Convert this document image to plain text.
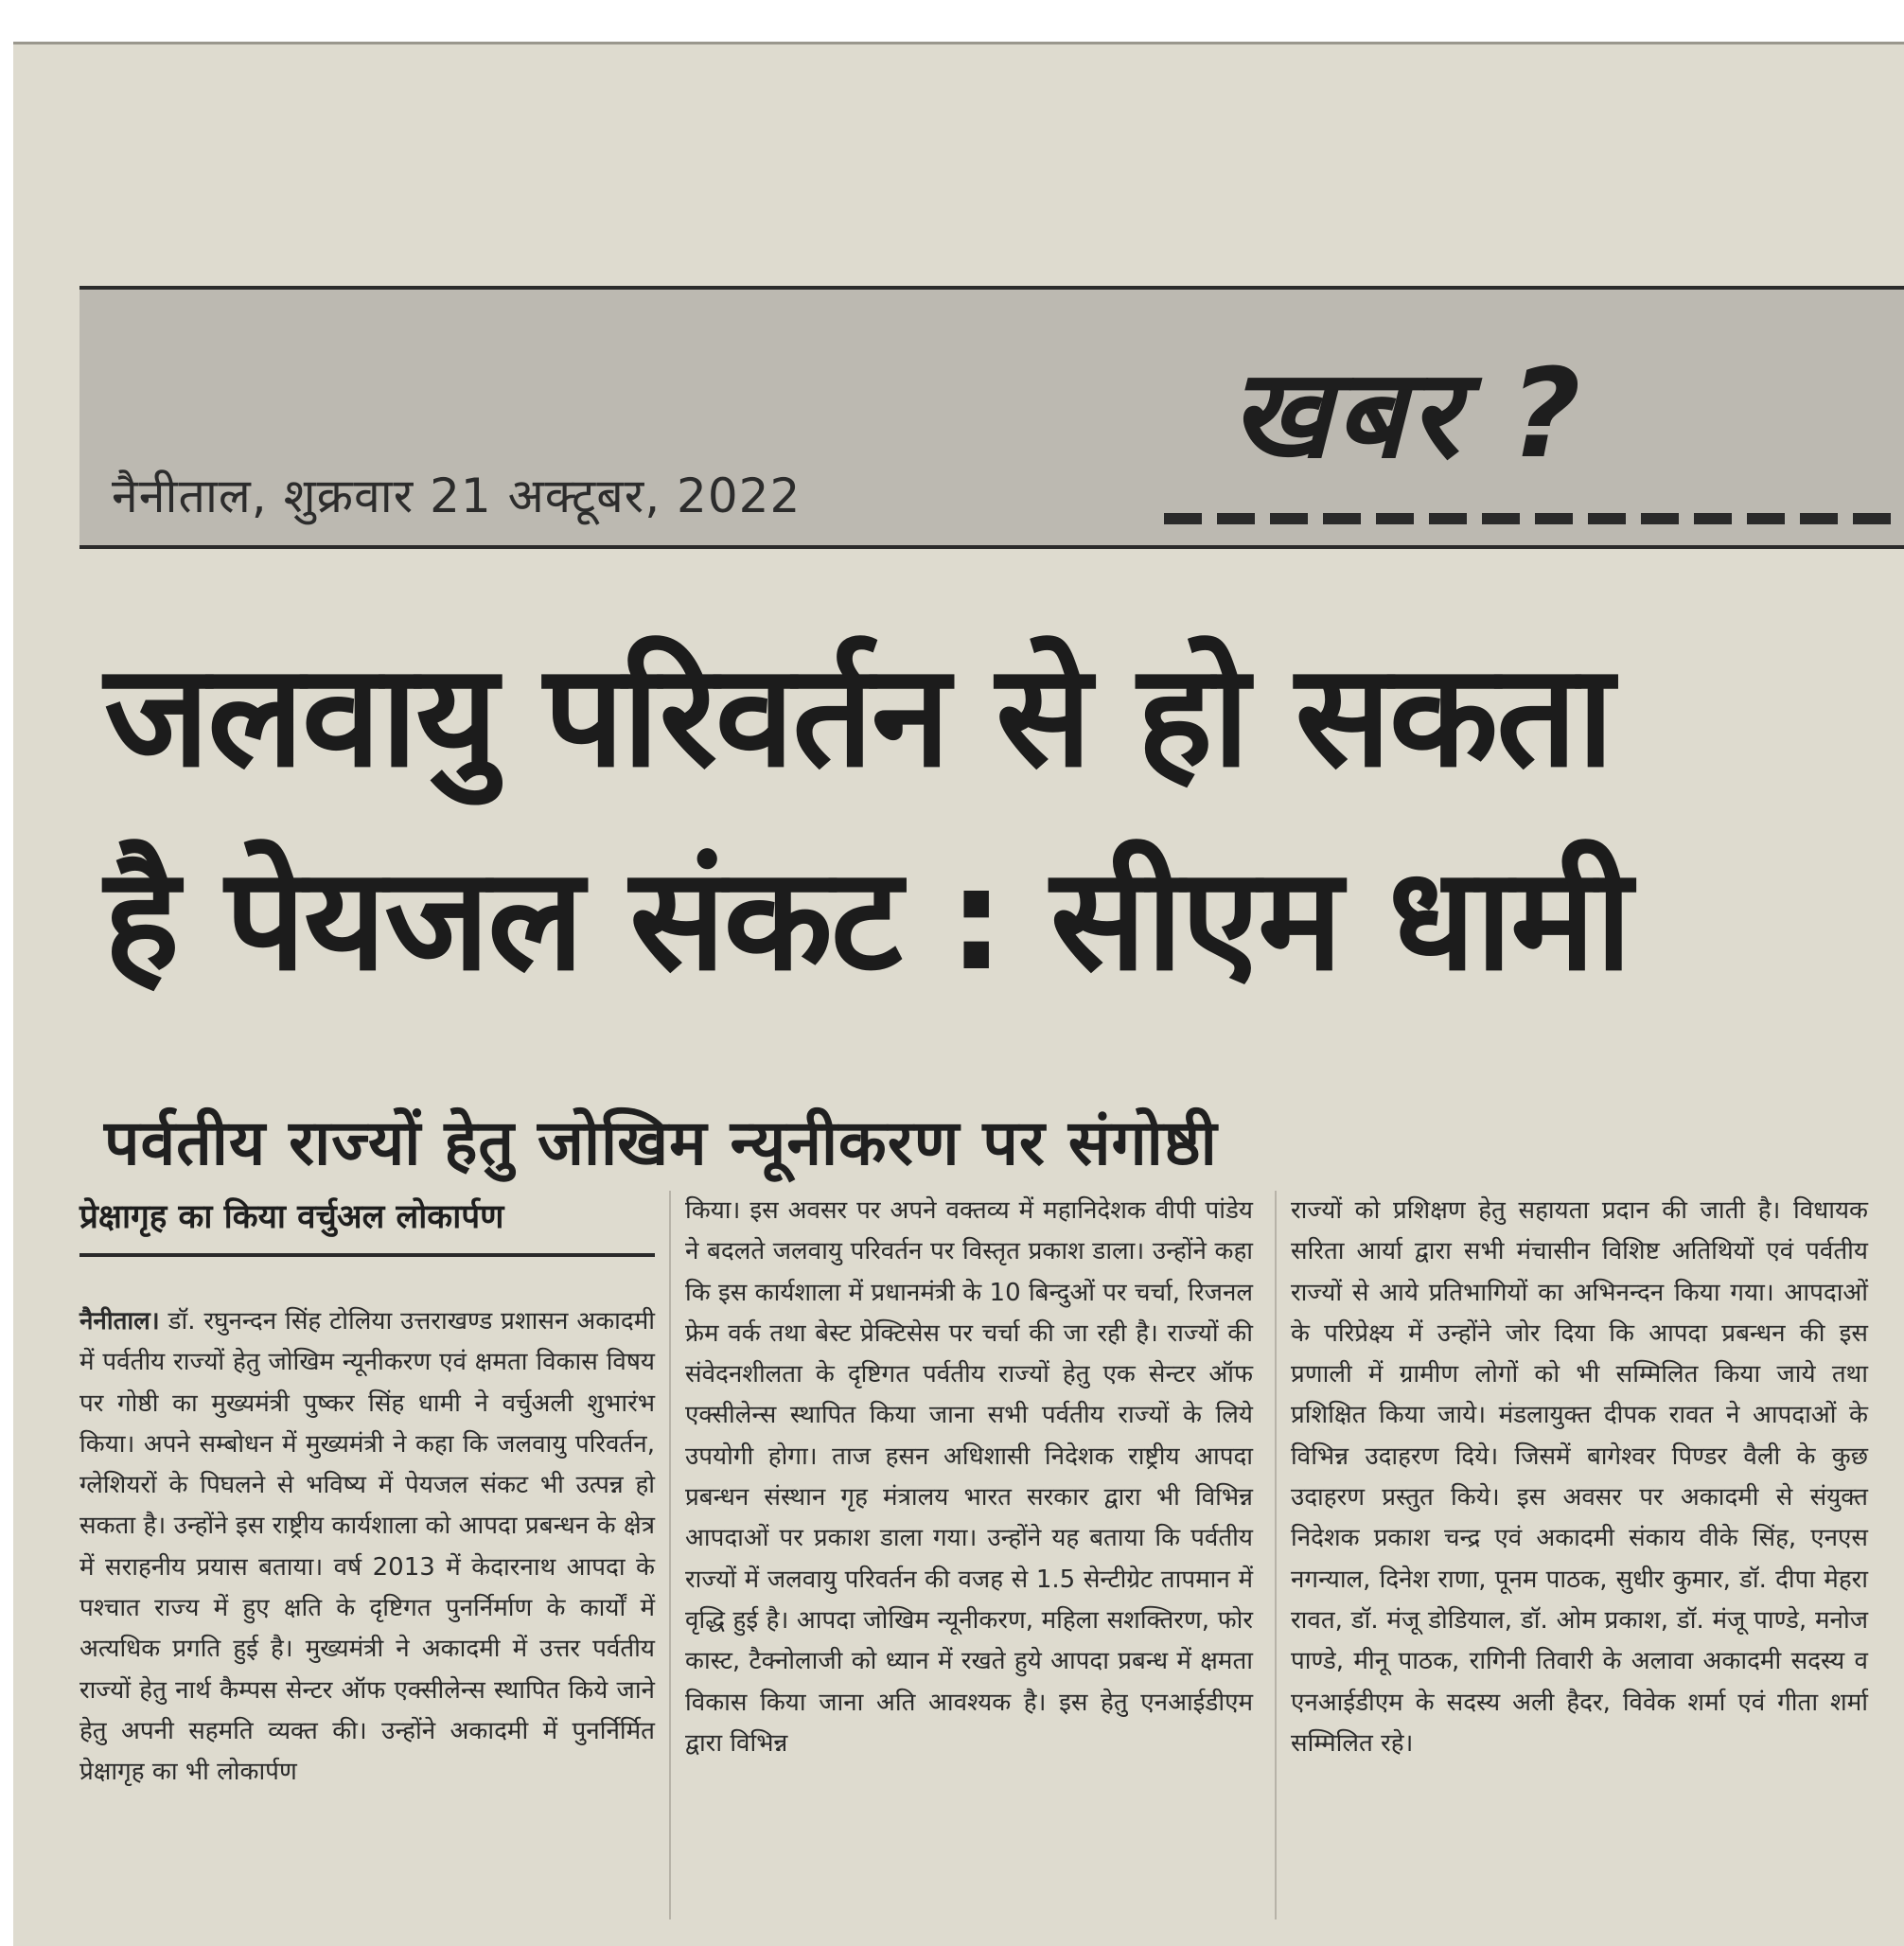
नैनीताल, शुक्रवार 21 अक्टूबर, 2022
खबर ?
जलवायु परिवर्तन से हो सकता
है पेयजल संकट : सीएम धामी
पर्वतीय राज्यों हेतु जोखिम न्यूनीकरण पर संगोष्ठी
प्रेक्षागृह का किया वर्चुअल लोकार्पण
नैनीताल। डॉ. रघुनन्दन सिंह टोलिया उत्तराखण्ड प्रशासन अकादमी में पर्वतीय राज्यों हेतु जोखिम न्यूनीकरण एवं क्षमता विकास विषय पर गोष्ठी का मुख्यमंत्री पुष्कर सिंह धामी ने वर्चुअली शुभारंभ किया। अपने सम्बोधन में मुख्यमंत्री ने कहा कि जलवायु परिवर्तन, ग्लेशियरों के पिघलने से भविष्य में पेयजल संकट भी उत्पन्न हो सकता है। उन्होंने इस राष्ट्रीय कार्यशाला को आपदा प्रबन्धन के क्षेत्र में सराहनीय प्रयास बताया। वर्ष 2013 में केदारनाथ आपदा के पश्चात राज्य में हुए क्षति के दृष्टिगत पुनर्निर्माण के कार्यों में अत्यधिक प्रगति हुई है। मुख्यमंत्री ने अकादमी में उत्तर पर्वतीय राज्यों हेतु नार्थ कैम्पस सेन्टर ऑफ एक्सीलेन्स स्थापित किये जाने हेतु अपनी सहमति व्यक्त की। उन्होंने अकादमी में पुनर्निर्मित प्रेक्षागृह का भी लोकार्पण
किया। इस अवसर पर अपने वक्तव्य में महानिदेशक वीपी पांडेय ने बदलते जलवायु परिवर्तन पर विस्तृत प्रकाश डाला। उन्होंने कहा कि इस कार्यशाला में प्रधानमंत्री के 10 बिन्दुओं पर चर्चा, रिजनल फ्रेम वर्क तथा बेस्ट प्रेक्टिसेस पर चर्चा की जा रही है। राज्यों की संवेदनशीलता के दृष्टिगत पर्वतीय राज्यों हेतु एक सेन्टर ऑफ एक्सीलेन्स स्थापित किया जाना सभी पर्वतीय राज्यों के लिये उपयोगी होगा। ताज हसन अधिशासी निदेशक राष्ट्रीय आपदा प्रबन्धन संस्थान गृह मंत्रालय भारत सरकार द्वारा भी विभिन्न आपदाओं पर प्रकाश डाला गया। उन्होंने यह बताया कि पर्वतीय राज्यों में जलवायु परिवर्तन की वजह से 1.5 सेन्टीग्रेट तापमान में वृद्धि हुई है। आपदा जोखिम न्यूनीकरण, महिला सशक्तिरण, फोर कास्ट, टैक्नोलाजी को ध्यान में रखते हुये आपदा प्रबन्ध में क्षमता विकास किया जाना अति आवश्यक है। इस हेतु एनआईडीएम द्वारा विभिन्न
राज्यों को प्रशिक्षण हेतु सहायता प्रदान की जाती है। विधायक सरिता आर्या द्वारा सभी मंचासीन विशिष्ट अतिथियों एवं पर्वतीय राज्यों से आये प्रतिभागियों का अभिनन्दन किया गया। आपदाओं के परिप्रेक्ष्य में उन्होंने जोर दिया कि आपदा प्रबन्धन की इस प्रणाली में ग्रामीण लोगों को भी सम्मिलित किया जाये तथा प्रशिक्षित किया जाये। मंडलायुक्त दीपक रावत ने आपदाओं के विभिन्न उदाहरण दिये। जिसमें बागेश्वर पिण्डर वैली के कुछ उदाहरण प्रस्तुत किये। इस अवसर पर अकादमी से संयुक्त निदेशक प्रकाश चन्द्र एवं अकादमी संकाय वीके सिंह, एनएस नगन्याल, दिनेश राणा, पूनम पाठक, सुधीर कुमार, डॉ. दीपा मेहरा रावत, डॉ. मंजू डोडियाल, डॉ. ओम प्रकाश, डॉ. मंजू पाण्डे, मनोज पाण्डे, मीनू पाठक, रागिनी तिवारी के अलावा अकादमी सदस्य व एनआईडीएम के सदस्य अली हैदर, विवेक शर्मा एवं गीता शर्मा सम्मिलित रहे।
